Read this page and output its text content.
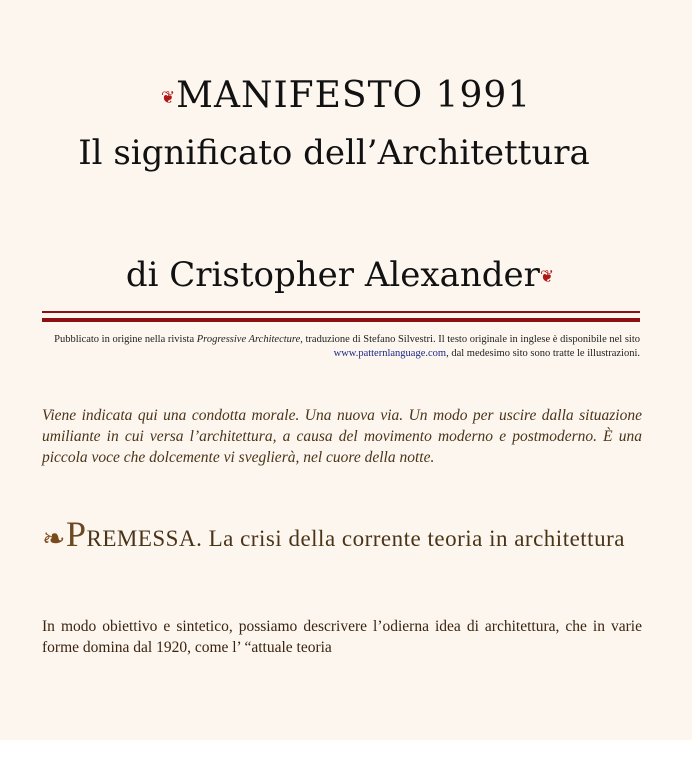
❦MANIFESTO 1991
Il significato dell’Architettura
di Cristopher Alexander❦
Pubblicato in origine nella rivista Progressive Architecture, traduzione di Stefano Silvestri. Il testo originale in inglese è disponibile nel sito www.patternlanguage.com, dal medesimo sito sono tratte le illustrazioni.
Viene indicata qui una condotta morale. Una nuova via. Un modo per uscire dalla situazione umiliante in cui versa l’architettura, a causa del movimento moderno e postmoderno. È una piccola voce che dolcemente vi sveglierà, nel cuore della notte.
❧PREMESSA. La crisi della corrente teoria in architettura
In modo obiettivo e sintetico, possiamo descrivere l’odierna idea di architettura, che in varie forme domina dal 1920, come l’ “attuale teoria
